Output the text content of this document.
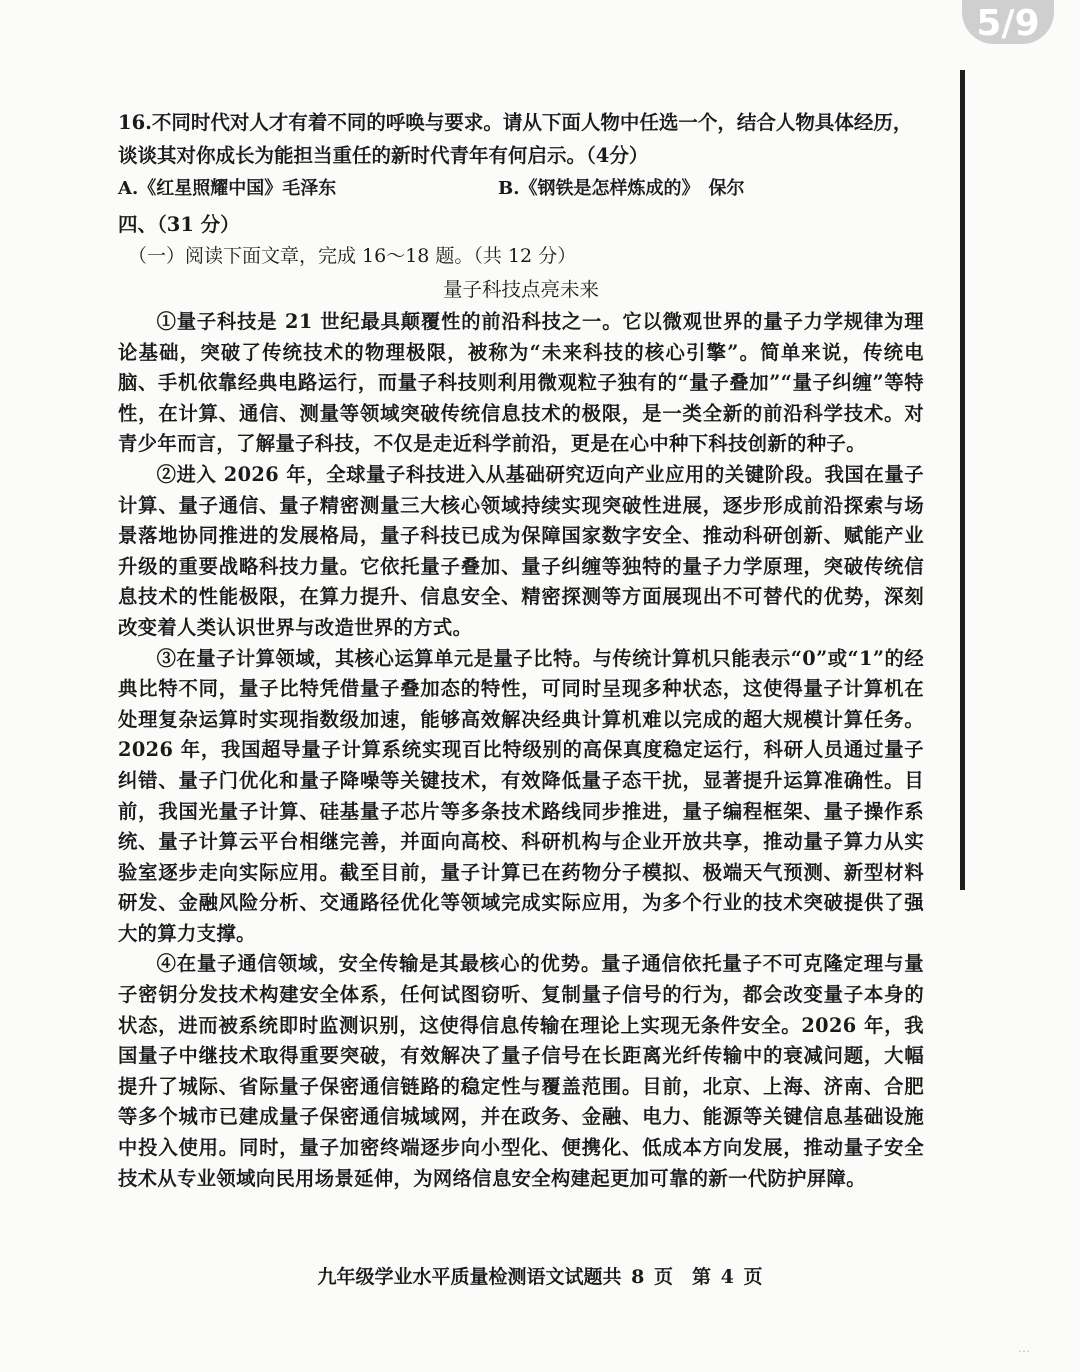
5/9
16.不同时代对人才有着不同的呼唤与要求。请从下面人物中任选一个，结合人物具体经历，谈谈其对你成长为能担当重任的新时代青年有何启示。（4分）
A.《红星照耀中国》毛泽东	B.《钢铁是怎样炼成的》　保尔
四、（31 分）
（一）阅读下面文章，完成 16～18 题。（共 12 分）
量子科技点亮未来

①量子科技是 21 世纪最具颠覆性的前沿科技之一。它以微观世界的量子力学规律为理论基础，突破了传统技术的物理极限，被称为“未来科技的核心引擎”。简单来说，传统电脑、手机依靠经典电路运行，而量子科技则利用微观粒子独有的“量子叠加”“量子纠缠”等特性，在计算、通信、测量等领域突破传统信息技术的极限，是一类全新的前沿科学技术。对青少年而言，了解量子科技，不仅是走近科学前沿，更是在心中种下科技创新的种子。

②进入 2026 年，全球量子科技进入从基础研究迈向产业应用的关键阶段。我国在量子计算、量子通信、量子精密测量三大核心领域持续实现突破性进展，逐步形成前沿探索与场景落地协同推进的发展格局，量子科技已成为保障国家数字安全、推动科研创新、赋能产业升级的重要战略科技力量。它依托量子叠加、量子纠缠等独特的量子力学原理，突破传统信息技术的性能极限，在算力提升、信息安全、精密探测等方面展现出不可替代的优势，深刻改变着人类认识世界与改造世界的方式。

③在量子计算领域，其核心运算单元是量子比特。与传统计算机只能表示“0”或“1”的经典比特不同，量子比特凭借量子叠加态的特性，可同时呈现多种状态，这使得量子计算机在处理复杂运算时实现指数级加速，能够高效解决经典计算机难以完成的超大规模计算任务。2026 年，我国超导量子计算系统实现百比特级别的高保真度稳定运行，科研人员通过量子纠错、量子门优化和量子降噪等关键技术，有效降低量子态干扰，显著提升运算准确性。目前，我国光量子计算、硅基量子芯片等多条技术路线同步推进，量子编程框架、量子操作系统、量子计算云平台相继完善，并面向高校、科研机构与企业开放共享，推动量子算力从实验室逐步走向实际应用。截至目前，量子计算已在药物分子模拟、极端天气预测、新型材料研发、金融风险分析、交通路径优化等领域完成实际应用，为多个行业的技术突破提供了强大的算力支撑。

④在量子通信领域，安全传输是其最核心的优势。量子通信依托量子不可克隆定理与量子密钥分发技术构建安全体系，任何试图窃听、复制量子信号的行为，都会改变量子本身的状态，进而被系统即时监测识别，这使得信息传输在理论上实现无条件安全。2026 年，我国量子中继技术取得重要突破，有效解决了量子信号在长距离光纤传输中的衰减问题，大幅提升了城际、省际量子保密通信链路的稳定性与覆盖范围。目前，北京、上海、济南、合肥等多个城市已建成量子保密通信城域网，并在政务、金融、电力、能源等关键信息基础设施中投入使用。同时，量子加密终端逐步向小型化、便携化、低成本方向发展，推动量子安全技术从专业领域向民用场景延伸，为网络信息安全构建起更加可靠的新一代防护屏障。

九年级学业水平质量检测语文试题共 8 页　第 4 页
⋯
